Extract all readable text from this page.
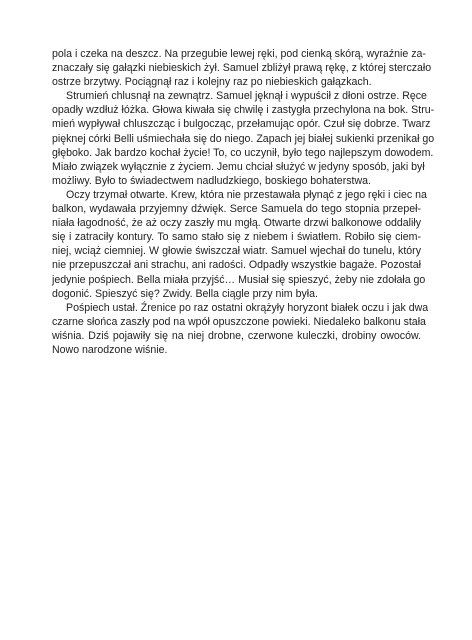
pola i czeka na deszcz. Na przegubie lewej ręki, pod cienką skórą, wyraźnie za-
znaczały się gałązki niebieskich żył. Samuel zbliżył prawą rękę, z której sterczało
ostrze brzytwy. Pociągnął raz i kolejny raz po niebieskich gałązkach.

Strumień chlusnął na zewnątrz. Samuel jęknął i wypuścił z dłoni ostrze. Ręce
opadły wzdłuż łóżka. Głowa kiwała się chwilę i zastygła przechylona na bok. Stru-
mień wypływał chluszcząc i bulgocząc, przełamując opór. Czuł się dobrze. Twarz
pięknej córki Belli uśmiechała się do niego. Zapach jej białej sukienki przenikał go
głęboko. Jak bardzo kochał życie! To, co uczynił, było tego najlepszym dowodem.
Miało związek wyłącznie z życiem. Jemu chciał służyć w jedyny sposób, jaki był
możliwy. Było to świadectwem nadludzkiego, boskiego bohaterstwa.

Oczy trzymał otwarte. Krew, która nie przestawała płynąć z jego ręki i ciec na
balkon, wydawała przyjemny dźwięk. Serce Samuela do tego stopnia przepeł-
niała łagodność, że aż oczy zaszły mu mgłą. Otwarte drzwi balkonowe oddaliły
się i zatraciły kontury. To samo stało się z niebem i światłem. Robiło się ciem-
niej, wciąż ciemniej. W głowie świszczał wiatr. Samuel wjechał do tunelu, który
nie przepuszczał ani strachu, ani radości. Odpadły wszystkie bagaże. Pozostał
jedynie pośpiech. Bella miała przyjść… Musiał się spieszyć, żeby nie zdołała go
dogonić. Spieszyć się? Zwidy. Bella ciągle przy nim była.

Pośpiech ustał. Źrenice po raz ostatni okrążyły horyzont białek oczu i jak dwa
czarne słońca zaszły pod na wpół opuszczone powieki. Niedaleko balkonu stała
wiśnia. Dziś pojawiły się na niej drobne, czerwone kuleczki, drobiny owoców.
Nowo narodzone wiśnie.
